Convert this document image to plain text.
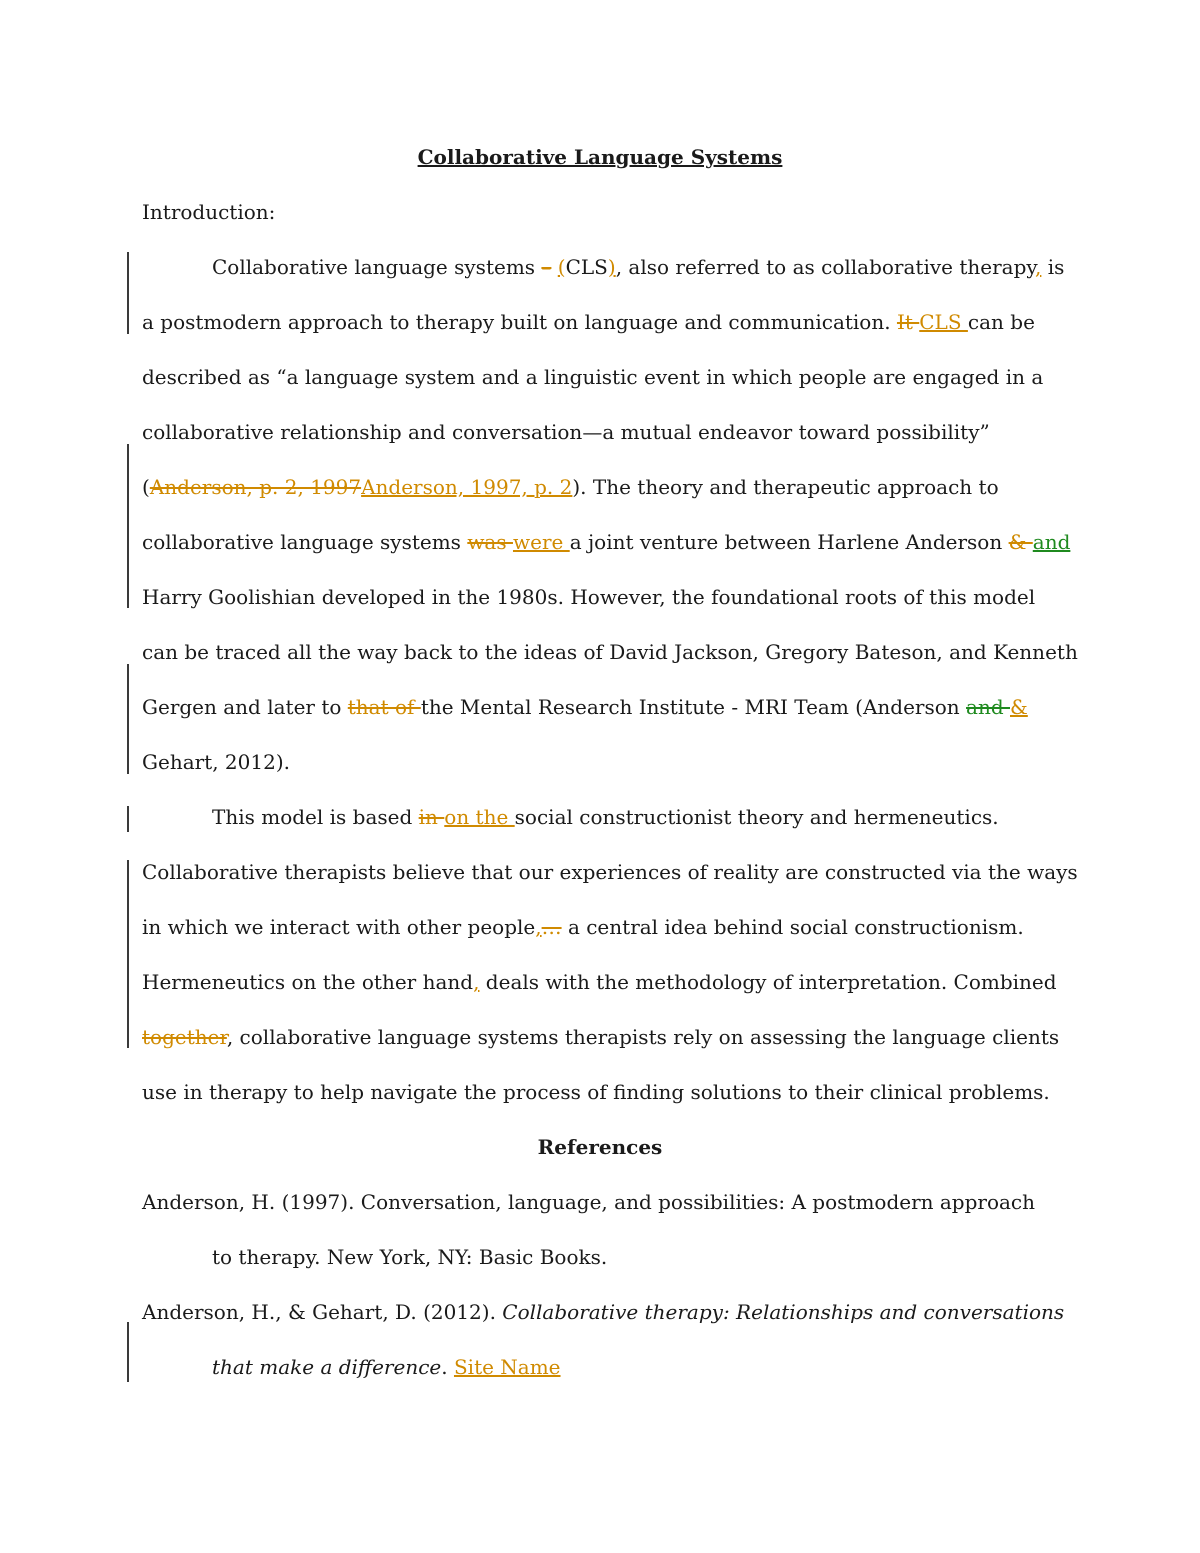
Collaborative Language Systems
Introduction:
Collaborative language systems – (CLS), also referred to as collaborative therapy, is
a postmodern approach to therapy built on language and communication. It CLS can be
described as “a language system and a linguistic event in which people are engaged in a
collaborative relationship and conversation—a mutual endeavor toward possibility”
(Anderson, p. 2, 1997Anderson, 1997, p. 2). The theory and therapeutic approach to
collaborative language systems was were a joint venture between Harlene Anderson & and
Harry Goolishian developed in the 1980s. However, the foundational roots of this model
can be traced all the way back to the ideas of David Jackson, Gregory Bateson, and Kenneth
Gergen and later to that of the Mental Research Institute - MRI Team (Anderson and &
Gehart, 2012).
This model is based in on the social constructionist theory and hermeneutics.
Collaborative therapists believe that our experiences of reality are constructed via the ways
in which we interact with other people,… a central idea behind social constructionism.
Hermeneutics on the other hand, deals with the methodology of interpretation. Combined
together, collaborative language systems therapists rely on assessing the language clients
use in therapy to help navigate the process of finding solutions to their clinical problems.
References
Anderson, H. (1997). Conversation, language, and possibilities: A postmodern approach
to therapy. New York, NY: Basic Books.
Anderson, H., & Gehart, D. (2012). Collaborative therapy: Relationships and conversations
that make a difference. Site Name
